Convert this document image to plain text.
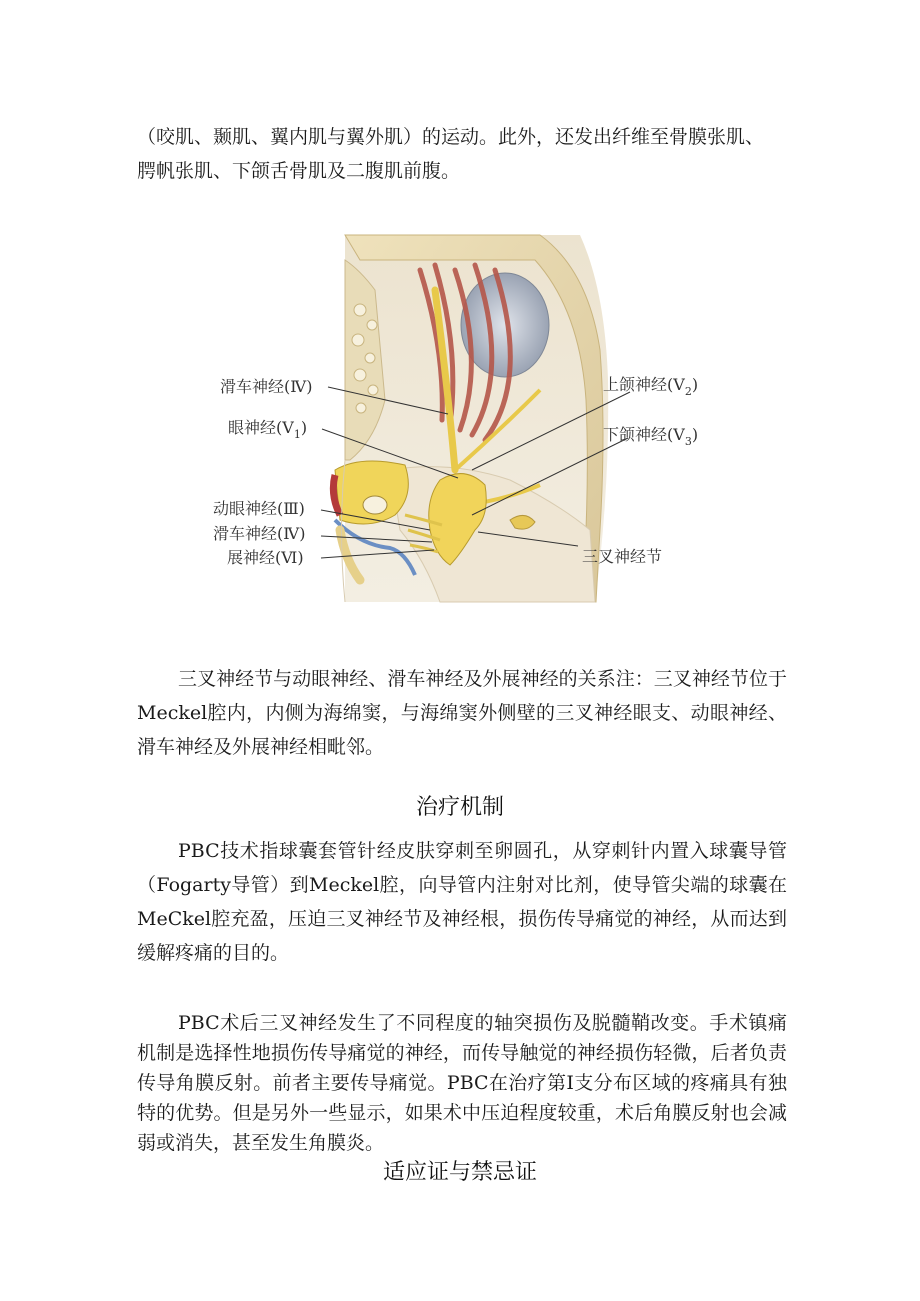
（咬肌、颞肌、翼内肌与翼外肌）的运动。此外，还发出纤维至骨膜张肌、
腭帆张肌、下颌舌骨肌及二腹肌前腹。

滑车神经(Ⅳ)
眼神经$(V_1)$
上颌神经$(V_2)$
下颌神经$(V_3)$
动眼神经(Ⅲ)
滑车神经(Ⅳ)
展神经(Ⅵ)	三叉神经节

三叉神经节与动眼神经、滑车神经及外展神经的关系注：三叉神经节位于Meckel腔内，内侧为海绵窦，与海绵窦外侧壁的三叉神经眼支、动眼神经、滑车神经及外展神经相毗邻。

治疗机制

PBC技术指球囊套管针经皮肤穿刺至卵圆孔，从穿刺针内置入球囊导管（Fogarty导管）到Meckel腔，向导管内注射对比剂，使导管尖端的球囊在MeCkel腔充盈，压迫三叉神经节及神经根，损伤传导痛觉的神经，从而达到缓解疼痛的目的。

PBC术后三叉神经发生了不同程度的轴突损伤及脱髓鞘改变。手术镇痛机制是选择性地损伤传导痛觉的神经，而传导触觉的神经损伤轻微，后者负责传导角膜反射。前者主要传导痛觉。PBC在治疗第Ⅰ支分布区域的疼痛具有独特的优势。但是另外一些显示，如果术中压迫程度较重，术后角膜反射也会减弱或消失，甚至发生角膜炎。

适应证与禁忌证
